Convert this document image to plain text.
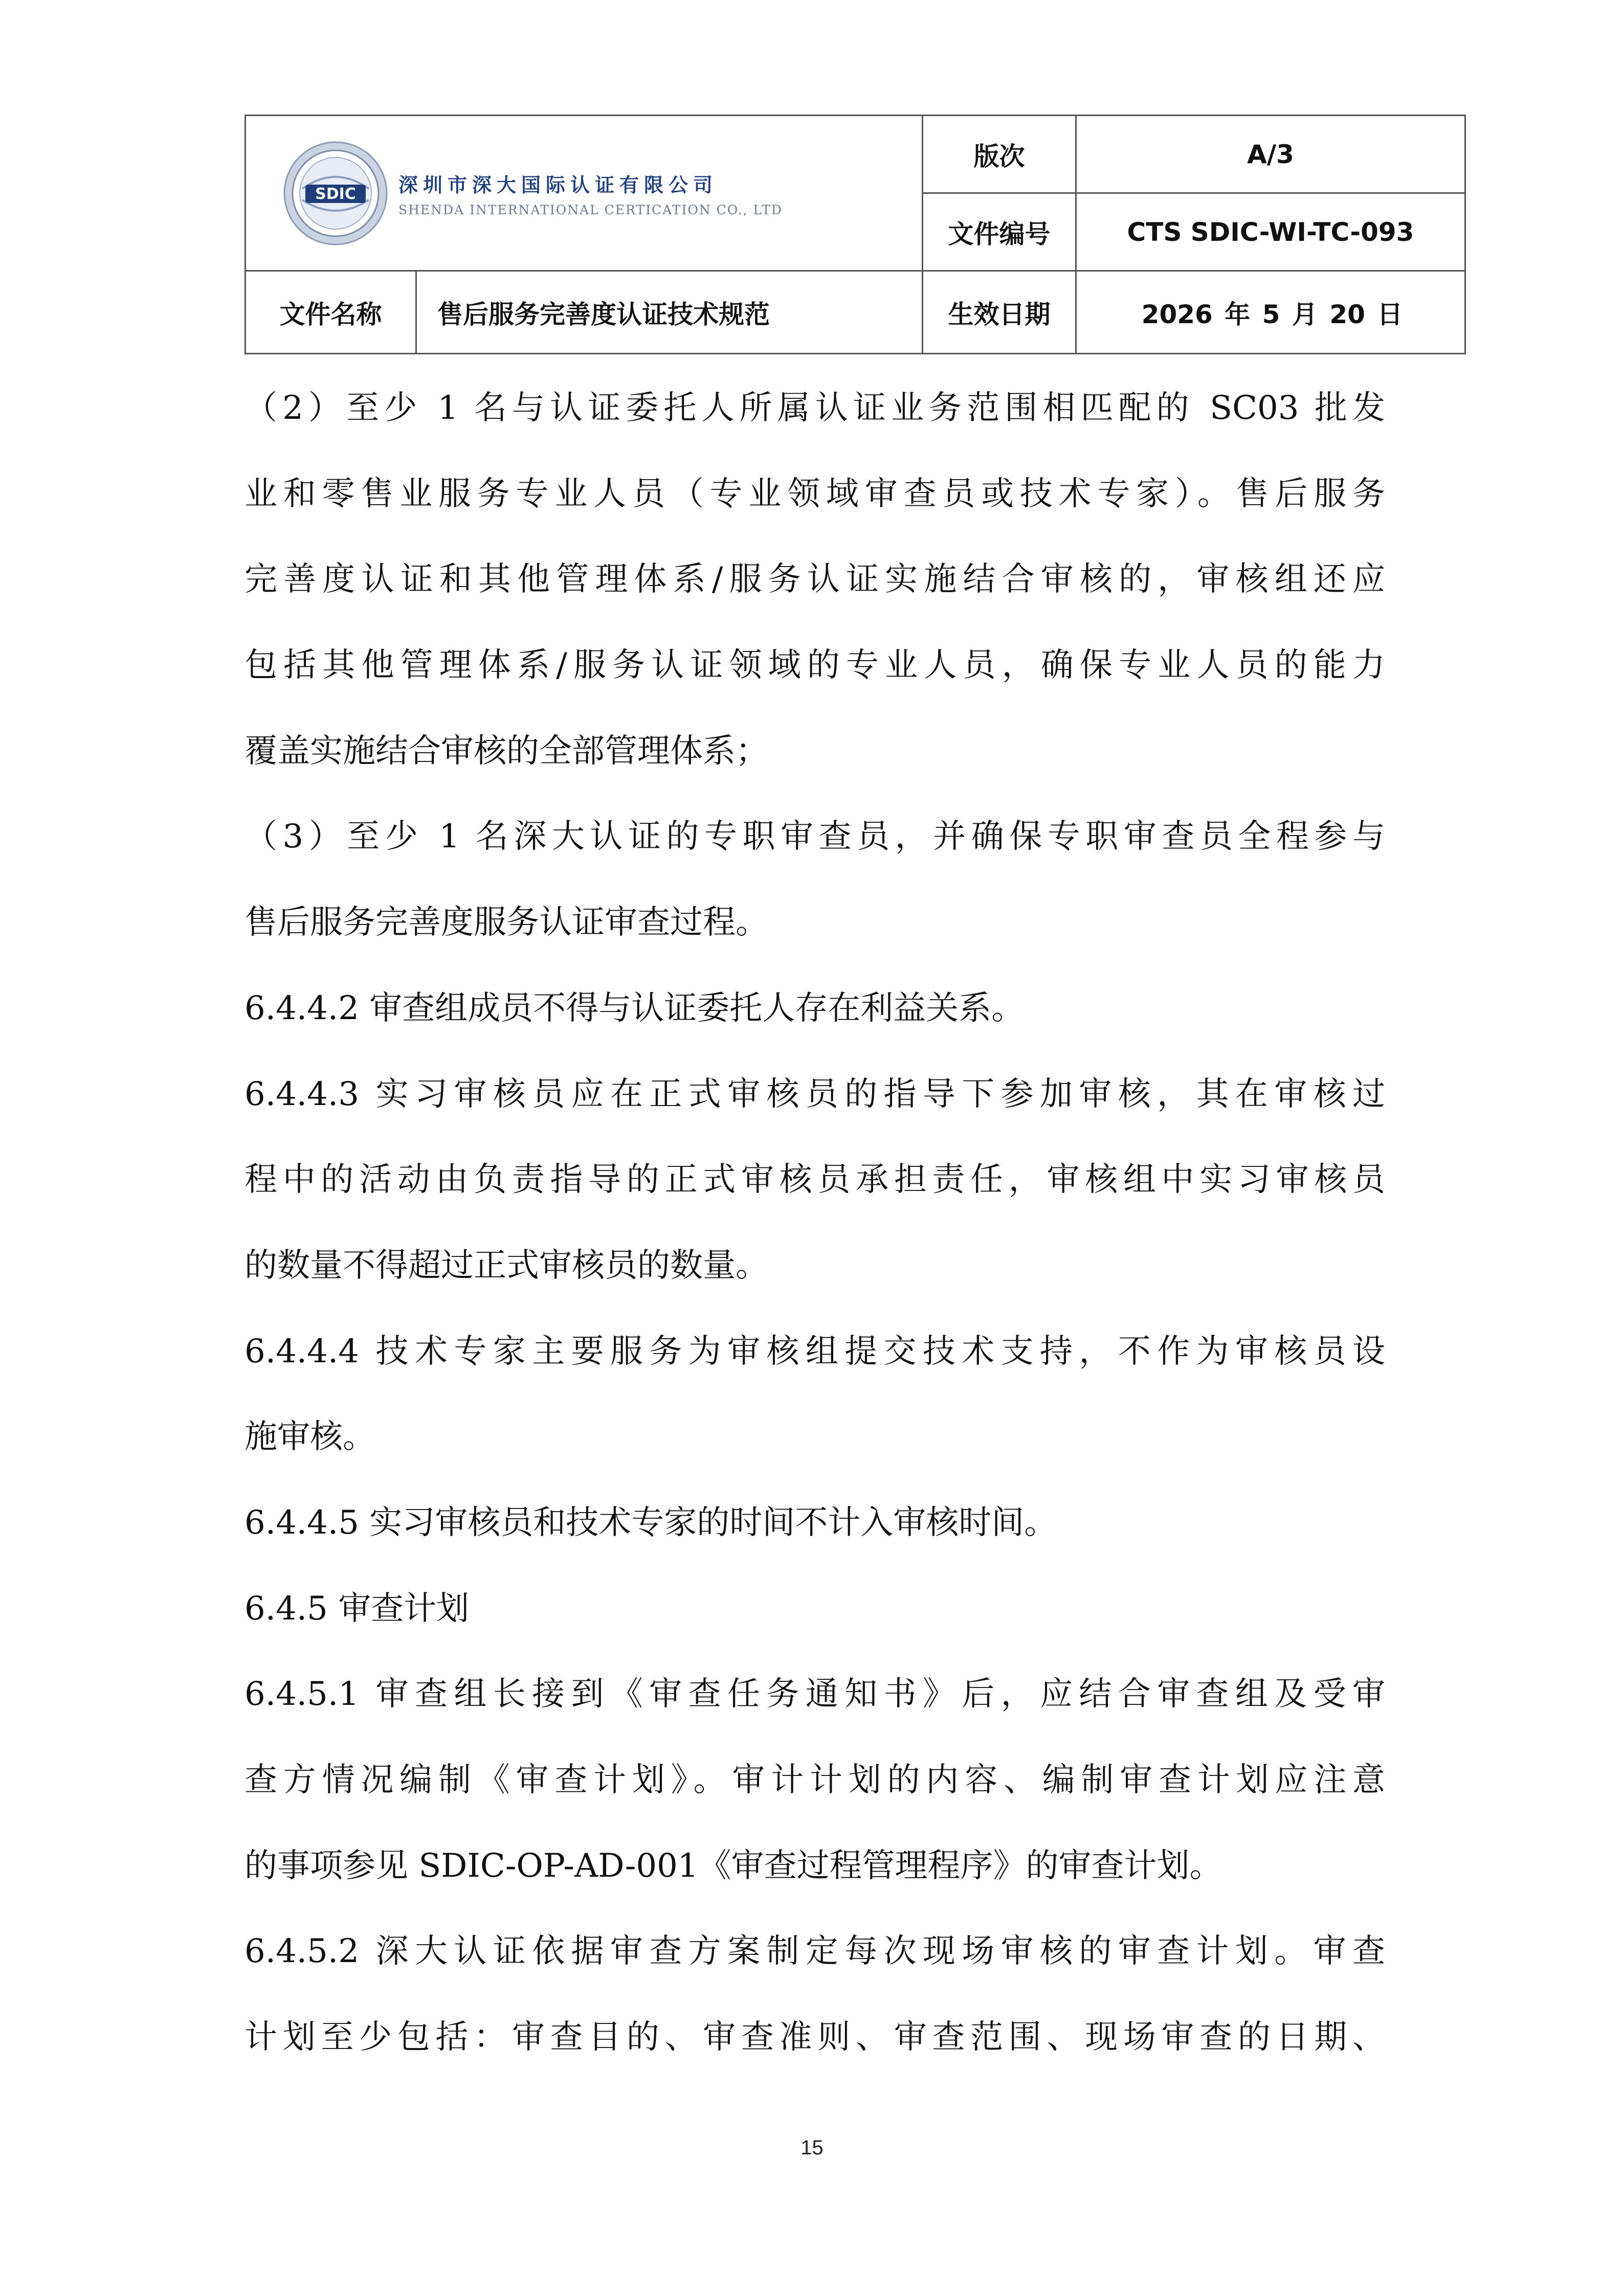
SDIC 深圳市深大国际认证有限公司
SHENDA INTERNATIONAL CERTICATION CO., LTD		版次	A/3
		文件编号	CTS SDIC-WI-TC-093
文件名称	售后服务完善度认证技术规范	生效日期	2026 年 5 月 20 日
（2）至少 1 名与认证委托人所属认证业务范围相匹配的 SC03 批发
业和零售业服务专业人员（专业领域审查员或技术专家）。售后服务
完善度认证和其他管理体系/服务认证实施结合审核的，审核组还应
包括其他管理体系/服务认证领域的专业人员，确保专业人员的能力
覆盖实施结合审核的全部管理体系；
（3）至少 1 名深大认证的专职审查员，并确保专职审查员全程参与
售后服务完善度服务认证审查过程。
6.4.4.2 审查组成员不得与认证委托人存在利益关系。
6.4.4.3 实习审核员应在正式审核员的指导下参加审核，其在审核过
程中的活动由负责指导的正式审核员承担责任，审核组中实习审核员
的数量不得超过正式审核员的数量。
6.4.4.4 技术专家主要服务为审核组提交技术支持，不作为审核员设
施审核。
6.4.4.5 实习审核员和技术专家的时间不计入审核时间。
6.4.5 审查计划
6.4.5.1 审查组长接到《审查任务通知书》后，应结合审查组及受审
查方情况编制《审查计划》。审计计划的内容、编制审查计划应注意
的事项参见 SDIC-OP-AD-001《审查过程管理程序》的审查计划。
6.4.5.2 深大认证依据审查方案制定每次现场审核的审查计划。审查
计划至少包括：审查目的、审查准则、审查范围、现场审查的日期、
15
